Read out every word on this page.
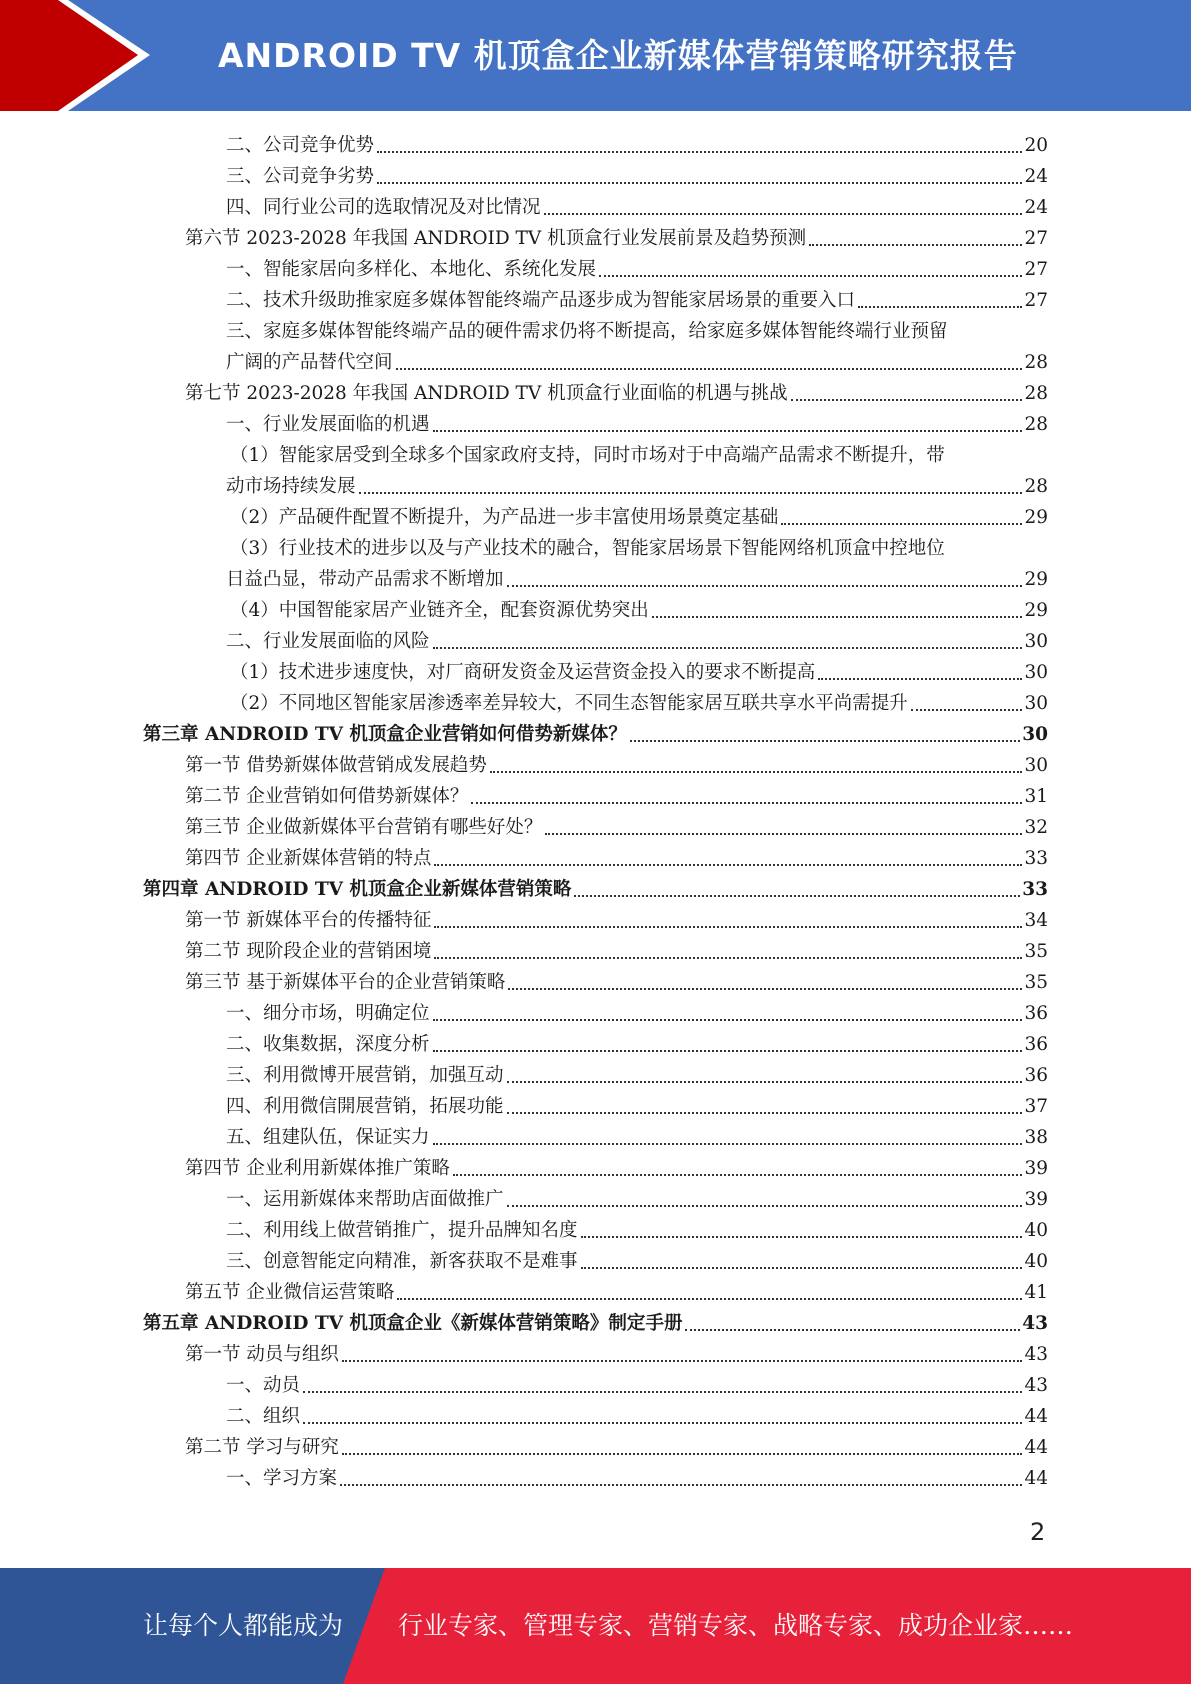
ANDROID TV 机顶盒企业新媒体营销策略研究报告
二、公司竞争优势	20
三、公司竞争劣势	24
四、同行业公司的选取情况及对比情况	24
第六节 2023-2028 年我国 ANDROID TV 机顶盒行业发展前景及趋势预测	27
一、智能家居向多样化、本地化、系统化发展	27
二、技术升级助推家庭多媒体智能终端产品逐步成为智能家居场景的重要入口	27
三、家庭多媒体智能终端产品的硬件需求仍将不断提高，给家庭多媒体智能终端行业预留
广阔的产品替代空间	28
第七节 2023-2028 年我国 ANDROID TV 机顶盒行业面临的机遇与挑战	28
一、行业发展面临的机遇	28
（1）智能家居受到全球多个国家政府支持，同时市场对于中高端产品需求不断提升，带
动市场持续发展	28
（2）产品硬件配置不断提升，为产品进一步丰富使用场景奠定基础	29
（3）行业技术的进步以及与产业技术的融合，智能家居场景下智能网络机顶盒中控地位
日益凸显，带动产品需求不断增加	29
（4）中国智能家居产业链齐全，配套资源优势突出	29
二、行业发展面临的风险	30
（1）技术进步速度快，对厂商研发资金及运营资金投入的要求不断提高	30
（2）不同地区智能家居渗透率差异较大，不同生态智能家居互联共享水平尚需提升	30
第三章 ANDROID TV 机顶盒企业营销如何借势新媒体？	30
第一节 借势新媒体做营销成发展趋势	30
第二节 企业营销如何借势新媒体？	31
第三节 企业做新媒体平台营销有哪些好处？	32
第四节 企业新媒体营销的特点	33
第四章 ANDROID TV 机顶盒企业新媒体营销策略	33
第一节 新媒体平台的传播特征	34
第二节 现阶段企业的营销困境	35
第三节 基于新媒体平台的企业营销策略	35
一、细分市场，明确定位	36
二、收集数据，深度分析	36
三、利用微博开展营销，加强互动	36
四、利用微信開展营销，拓展功能	37
五、组建队伍，保证实力	38
第四节 企业利用新媒体推广策略	39
一、运用新媒体来帮助店面做推广	39
二、利用线上做营销推广，提升品牌知名度	40
三、创意智能定向精准，新客获取不是难事	40
第五节 企业微信运营策略	41
第五章 ANDROID TV 机顶盒企业《新媒体营销策略》制定手册	43
第一节 动员与组织	43
一、动员	43
二、组织	44
第二节 学习与研究	44
一、学习方案	44
2
让每个人都能成为 行业专家、管理专家、营销专家、战略专家、成功企业家……
